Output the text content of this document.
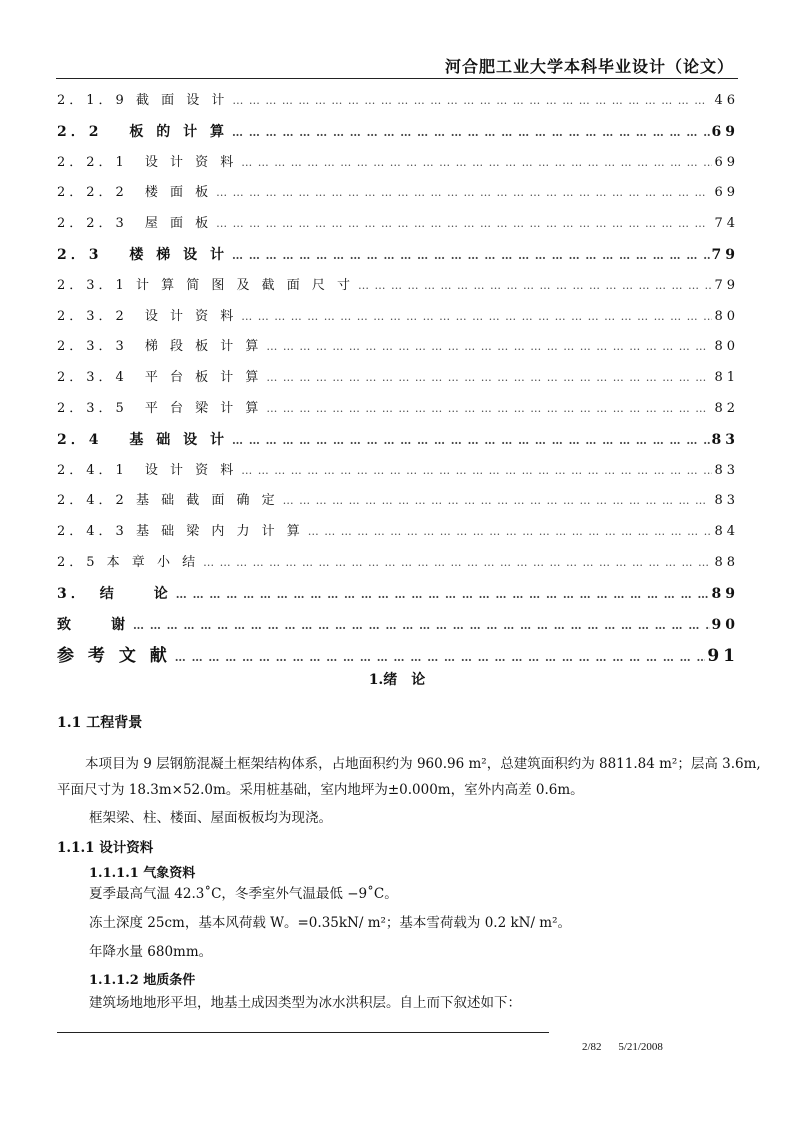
河合肥工业大学本科毕业设计（论文）
2．1．9 截 面 设 计 … … … … … … … … … … … … … … … … … … … … … … … … … … … … … … … … … … … … … … … … … … … … … … … … … … … … … … … …	46
2．2　 板 的 计 算 … … … … … … … … … … … … … … … … … … … … … … … … … … … … … … … … … … … … … … … … … … … … … … … … … … … … … … … …	69
2．2．1　设 计 资 料 … … … … … … … … … … … … … … … … … … … … … … … … … … … … … … … … … … … … … … … … … … … … … … … … … … … … … … … …	69
2．2．2　楼 面 板 … … … … … … … … … … … … … … … … … … … … … … … … … … … … … … … … … … … … … … … … … … … … … … … … … … … … … … … …	69
2．2．3　屋 面 板 … … … … … … … … … … … … … … … … … … … … … … … … … … … … … … … … … … … … … … … … … … … … … … … … … … … … … … … …	74
2．3　 楼 梯 设 计 … … … … … … … … … … … … … … … … … … … … … … … … … … … … … … … … … … … … … … … … … … … … … … … … … … … … … … … …	79
2．3．1 计 算 简 图 及 截 面 尺 寸 … … … … … … … … … … … … … … … … … … … … … … … … … … … … … … … … … … … … … … … … … … … … … … … … … … … … … … … …	79
2．3．2　设 计 资 料 … … … … … … … … … … … … … … … … … … … … … … … … … … … … … … … … … … … … … … … … … … … … … … … … … … … … … … … …	80
2．3．3　梯 段 板 计 算 … … … … … … … … … … … … … … … … … … … … … … … … … … … … … … … … … … … … … … … … … … … … … … … … … … … … … … … …	80
2．3．4　平 台 板 计 算 … … … … … … … … … … … … … … … … … … … … … … … … … … … … … … … … … … … … … … … … … … … … … … … … … … … … … … … …	81
2．3．5　平 台 梁 计 算 … … … … … … … … … … … … … … … … … … … … … … … … … … … … … … … … … … … … … … … … … … … … … … … … … … … … … … … …	82
2．4　 基 础 设 计 … … … … … … … … … … … … … … … … … … … … … … … … … … … … … … … … … … … … … … … … … … … … … … … … … … … … … … … …	83
2．4．1　设 计 资 料 … … … … … … … … … … … … … … … … … … … … … … … … … … … … … … … … … … … … … … … … … … … … … … … … … … … … … … … …	83
2．4．2 基 础 截 面 确 定 … … … … … … … … … … … … … … … … … … … … … … … … … … … … … … … … … … … … … … … … … … … … … … … … … … … … … … … …	83
2．4．3 基 础 梁 内 力 计 算 … … … … … … … … … … … … … … … … … … … … … … … … … … … … … … … … … … … … … … … … … … … … … … … … … … … … … … … …	84
2．5 本 章 小 结 … … … … … … … … … … … … … … … … … … … … … … … … … … … … … … … … … … … … … … … … … … … … … … … … … … … … … … … …	88
3．　结　　论 … … … … … … … … … … … … … … … … … … … … … … … … … … … … … … … … … … … … … … … … … … … … … … … … … … … … … … … …	89
致　　谢 … … … … … … … … … … … … … … … … … … … … … … … … … … … … … … … … … … … … … … … … … … … … … … … … … … … … … … … …	90
参 考 文 献 … … … … … … … … … … … … … … … … … … … … … … … … … … … … … … … … … … … … … … … … … … … … … … … … … … … … … … … …	91
1.绪　论
1.1 工程背景
本项目为 9 层钢筋混凝土框架结构体系，占地面积约为 960.96 m²，总建筑面积约为 8811.84 m²；层高 3.6m,
平面尺寸为 18.3m×52.0m。采用桩基础，室内地坪为±0.000m，室外内高差 0.6m。
框架梁、柱、楼面、屋面板板均为现浇。
1.1.1 设计资料
1.1.1.1 气象资料
夏季最高气温 42.3˚C，冬季室外气温最低 −9˚C。
冻土深度 25cm，基本风荷载 W。=0.35kN/ m²；基本雪荷载为 0.2 kN/ m²。
年降水量 680mm。
1.1.1.2 地质条件
建筑场地地形平坦，地基土成因类型为冰水洪积层。自上而下叙述如下：
2/82 5/21/2008
